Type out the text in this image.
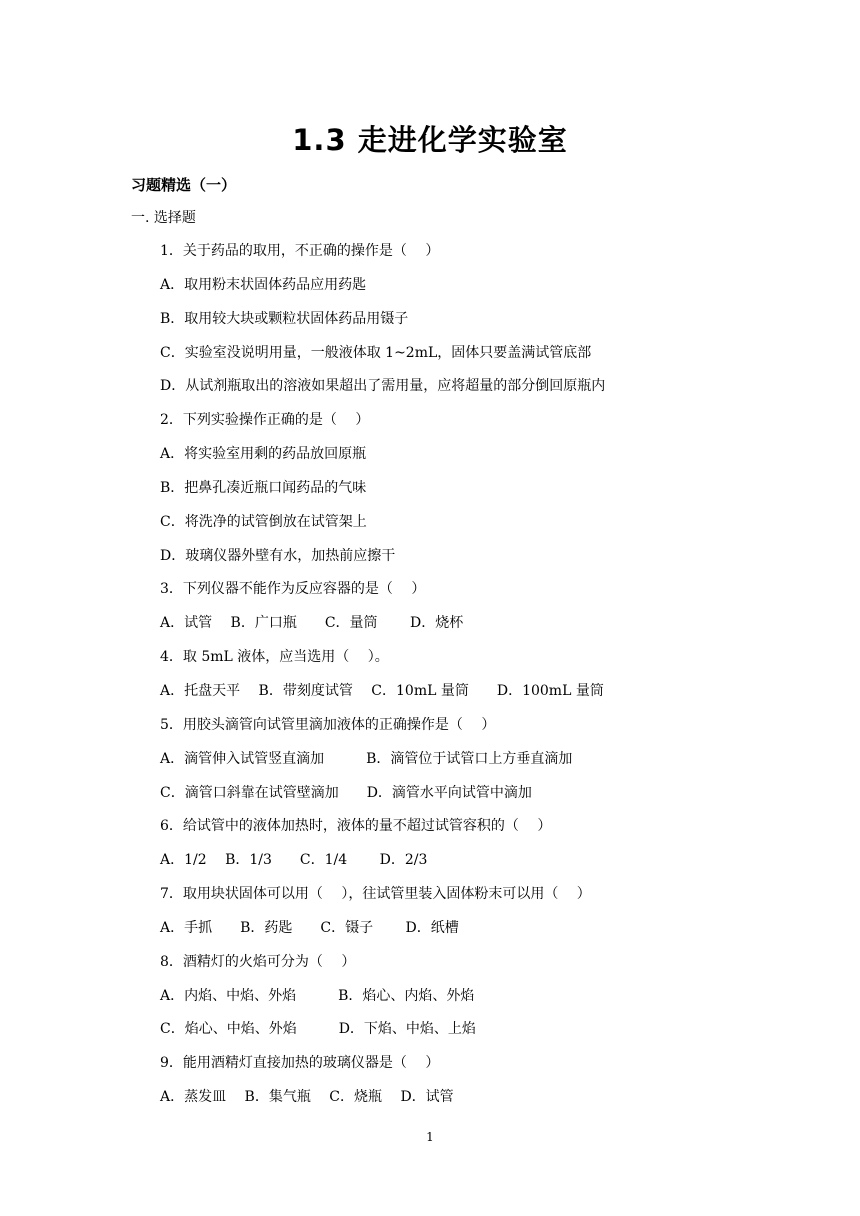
1.3 走进化学实验室
习题精选（一）
一. 选择题
1．关于药品的取用，不正确的操作是（　 ）
A．取用粉末状固体药品应用药匙
B．取用较大块或颗粒状固体药品用镊子
C．实验室没说明用量，一般液体取 1~2mL，固体只要盖满试管底部
D．从试剂瓶取出的溶液如果超出了需用量，应将超量的部分倒回原瓶内
2．下列实验操作正确的是（　 ）
A．将实验室用剩的药品放回原瓶
B．把鼻孔凑近瓶口闻药品的气味
C．将洗净的试管倒放在试管架上
D．玻璃仪器外壁有水，加热前应擦干
3．下列仪器不能作为反应容器的是（　 ）
A．试管　 B．广口瓶　　C．量筒　　 D．烧杯
4．取 5mL 液体，应当选用（　 ）。
A．托盘天平　 B．带刻度试管　 C．10mL 量筒　　D．100mL 量筒
5．用胶头滴管向试管里滴加液体的正确操作是（　 ）
A．滴管伸入试管竖直滴加　　　B．滴管位于试管口上方垂直滴加
C．滴管口斜靠在试管壁滴加　　D．滴管水平向试管中滴加
6．给试管中的液体加热时，液体的量不超过试管容积的（　 ）
A．1/2　 B．1/3　　C．1/4　　 D．2/3
7．取用块状固体可以用（　 ），往试管里装入固体粉末可以用（　 ）
A．手抓　　B．药匙　　C．镊子　　 D．纸槽
8．酒精灯的火焰可分为（　 ）
A．内焰、中焰、外焰　　　B．焰心、内焰、外焰
C．焰心、中焰、外焰　　　D．下焰、中焰、上焰
9．能用酒精灯直接加热的玻璃仪器是（　 ）
A．蒸发皿　 B．集气瓶　 C．烧瓶　 D．试管
1
